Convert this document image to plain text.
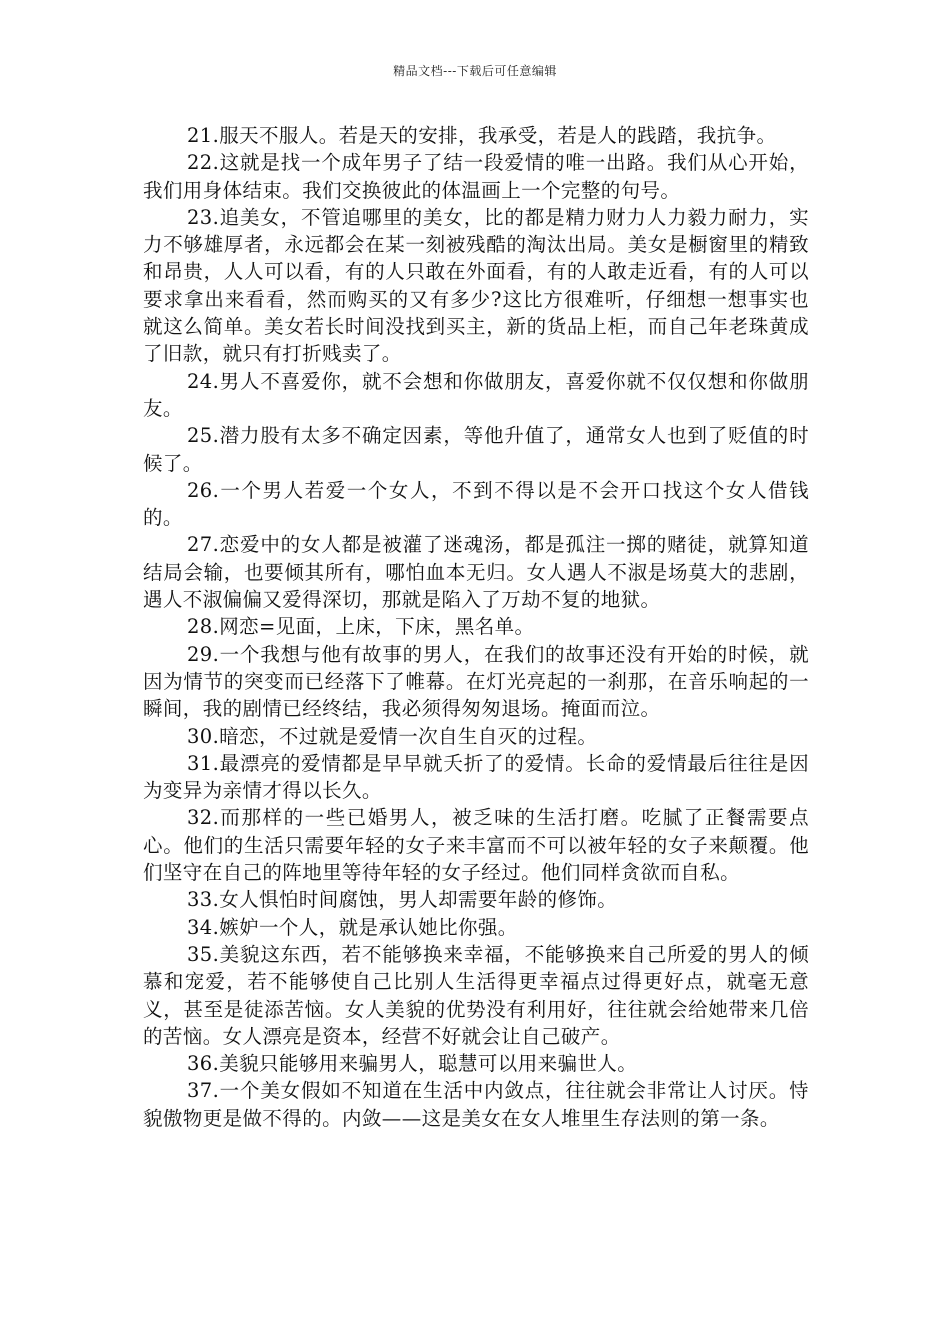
精品文档---下载后可任意编辑

21.服天不服人。若是天的安排，我承受，若是人的践踏，我抗争。

22.这就是找一个成年男子了结一段爱情的唯一出路。我们从心开始，我们用身体结束。我们交换彼此的体温画上一个完整的句号。

23.追美女，不管追哪里的美女，比的都是精力财力人力毅力耐力，实力不够雄厚者，永远都会在某一刻被残酷的淘汰出局。美女是橱窗里的精致和昂贵，人人可以看，有的人只敢在外面看，有的人敢走近看，有的人可以要求拿出来看看，然而购买的又有多少?这比方很难听，仔细想一想事实也就这么简单。美女若长时间没找到买主，新的货品上柜，而自己年老珠黄成了旧款，就只有打折贱卖了。

24.男人不喜爱你，就不会想和你做朋友，喜爱你就不仅仅想和你做朋友。

25.潜力股有太多不确定因素，等他升值了，通常女人也到了贬值的时候了。

26.一个男人若爱一个女人，不到不得以是不会开口找这个女人借钱的。

27.恋爱中的女人都是被灌了迷魂汤，都是孤注一掷的赌徒，就算知道结局会输，也要倾其所有，哪怕血本无归。女人遇人不淑是场莫大的悲剧，遇人不淑偏偏又爱得深切，那就是陷入了万劫不复的地狱。

28.网恋=见面，上床，下床，黑名单。

29.一个我想与他有故事的男人，在我们的故事还没有开始的时候，就因为情节的突变而已经落下了帷幕。在灯光亮起的一刹那，在音乐响起的一瞬间，我的剧情已经终结，我必须得匆匆退场。掩面而泣。

30.暗恋，不过就是爱情一次自生自灭的过程。

31.最漂亮的爱情都是早早就夭折了的爱情。长命的爱情最后往往是因为变异为亲情才得以长久。

32.而那样的一些已婚男人，被乏味的生活打磨。吃腻了正餐需要点心。他们的生活只需要年轻的女子来丰富而不可以被年轻的女子来颠覆。他们坚守在自己的阵地里等待年轻的女子经过。他们同样贪欲而自私。

33.女人惧怕时间腐蚀，男人却需要年龄的修饰。

34.嫉妒一个人，就是承认她比你强。

35.美貌这东西，若不能够换来幸福，不能够换来自己所爱的男人的倾慕和宠爱，若不能够使自己比别人生活得更幸福点过得更好点，就毫无意义，甚至是徒添苦恼。女人美貌的优势没有利用好，往往就会给她带来几倍的苦恼。女人漂亮是资本，经营不好就会让自己破产。

36.美貌只能够用来骗男人，聪慧可以用来骗世人。

37.一个美女假如不知道在生活中内敛点，往往就会非常让人讨厌。恃貌傲物更是做不得的。内敛——这是美女在女人堆里生存法则的第一条。
